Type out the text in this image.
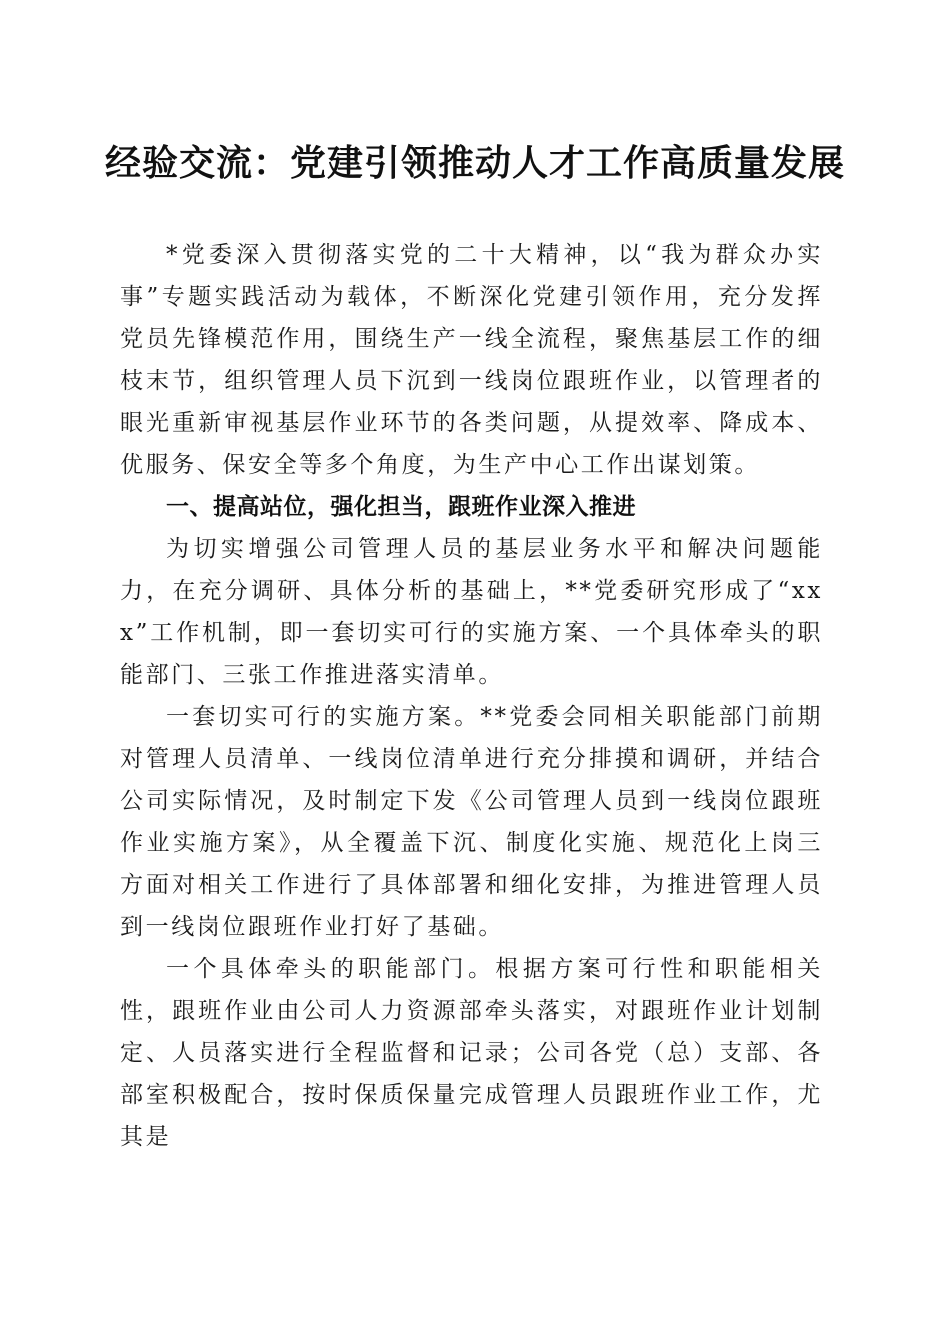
经验交流：党建引领推动人才工作高质量发展

*党委深入贯彻落实党的二十大精神，以“我为群众办实事”专题实践活动为载体，不断深化党建引领作用，充分发挥党员先锋模范作用，围绕生产一线全流程，聚焦基层工作的细枝末节，组织管理人员下沉到一线岗位跟班作业，以管理者的眼光重新审视基层作业环节的各类问题，从提效率、降成本、优服务、保安全等多个角度，为生产中心工作出谋划策。

一、提高站位，强化担当，跟班作业深入推进

为切实增强公司管理人员的基层业务水平和解决问题能力，在充分调研、具体分析的基础上，**党委研究形成了“xxx”工作机制，即一套切实可行的实施方案、一个具体牵头的职能部门、三张工作推进落实清单。

一套切实可行的实施方案。**党委会同相关职能部门前期对管理人员清单、一线岗位清单进行充分排摸和调研，并结合公司实际情况，及时制定下发《公司管理人员到一线岗位跟班作业实施方案》，从全覆盖下沉、制度化实施、规范化上岗三方面对相关工作进行了具体部署和细化安排，为推进管理人员到一线岗位跟班作业打好了基础。

一个具体牵头的职能部门。根据方案可行性和职能相关性，跟班作业由公司人力资源部牵头落实，对跟班作业计划制定、人员落实进行全程监督和记录；公司各党（总）支部、各部室积极配合，按时保质保量完成管理人员跟班作业工作，尤其是
